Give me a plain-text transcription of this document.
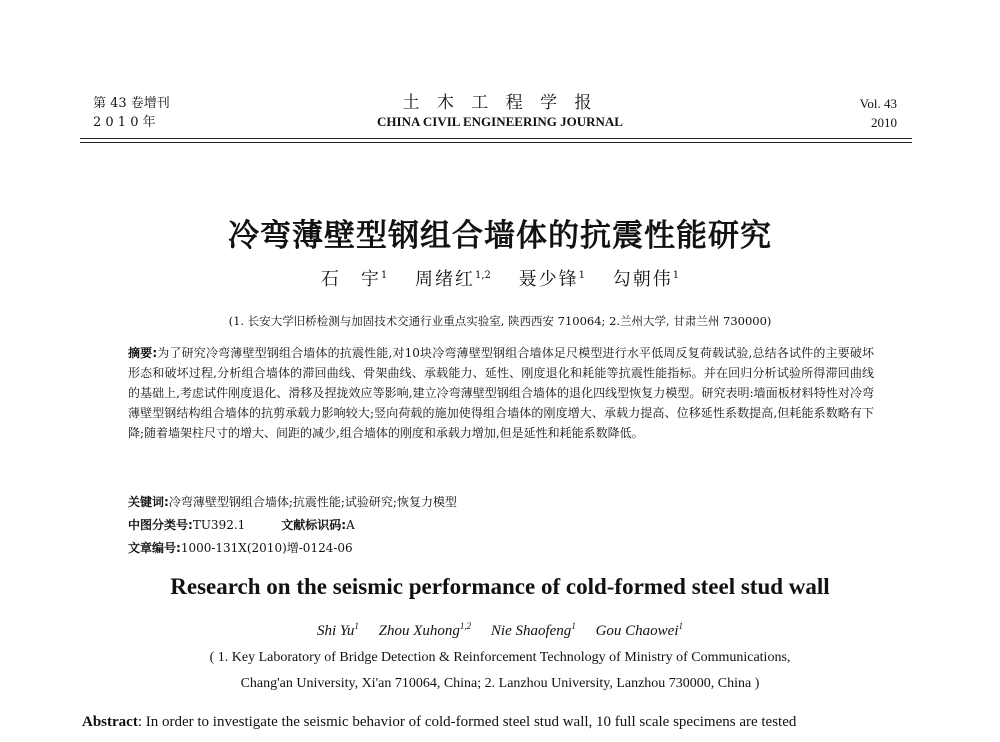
第 43 卷增刊
2 0 1 0 年
土 木 工 程 学 报
CHINA CIVIL ENGINEERING JOURNAL
Vol. 43
2010
冷弯薄壁型钢组合墙体的抗震性能研究
石　宇$^1$ 周绪红$^{1,2}$ 聂少锋$^1$ 勾朝伟$^1$
(1. 长安大学旧桥检测与加固技术交通行业重点实验室, 陕西西安 710064; 2.兰州大学, 甘肃兰州 730000)
摘要:为了研究冷弯薄壁型钢组合墙体的抗震性能,对10块冷弯薄壁型钢组合墙体足尺模型进行水平低周反复荷载试验,总结各试件的主要破坏形态和破坏过程,分析组合墙体的滞回曲线、骨架曲线、承载能力、延性、刚度退化和耗能等抗震性能指标。并在回归分析试验所得滞回曲线的基础上,考虑试件刚度退化、滑移及捏拢效应等影响,建立冷弯薄壁型钢组合墙体的退化四线型恢复力模型。研究表明:墙面板材料特性对冷弯薄壁型钢结构组合墙体的抗剪承载力影响较大;竖向荷载的施加使得组合墙体的刚度增大、承载力提高、位移延性系数提高,但耗能系数略有下降;随着墙架柱尺寸的增大、间距的减少,组合墙体的刚度和承载力增加,但是延性和耗能系数降低。
关键词:冷弯薄壁型钢组合墙体;抗震性能;试验研究;恢复力模型
中图分类号:TU392.1	文献标识码:A
文章编号:1000-131X(2010)增-0124-06
Research on the seismic performance of cold-formed steel stud wall
Shi Yu$^1$ Zhou Xuhong$^{1,2}$ Nie Shaofeng$^1$ Gou Chaowei$^1$
( 1. Key Laboratory of Bridge Detection & Reinforcement Technology of Ministry of Communications,
Chang'an University, Xi'an 710064, China; 2. Lanzhou University, Lanzhou 730000, China )
Abstract: In order to investigate the seismic behavior of cold-formed steel stud wall, 10 full scale specimens are tested
